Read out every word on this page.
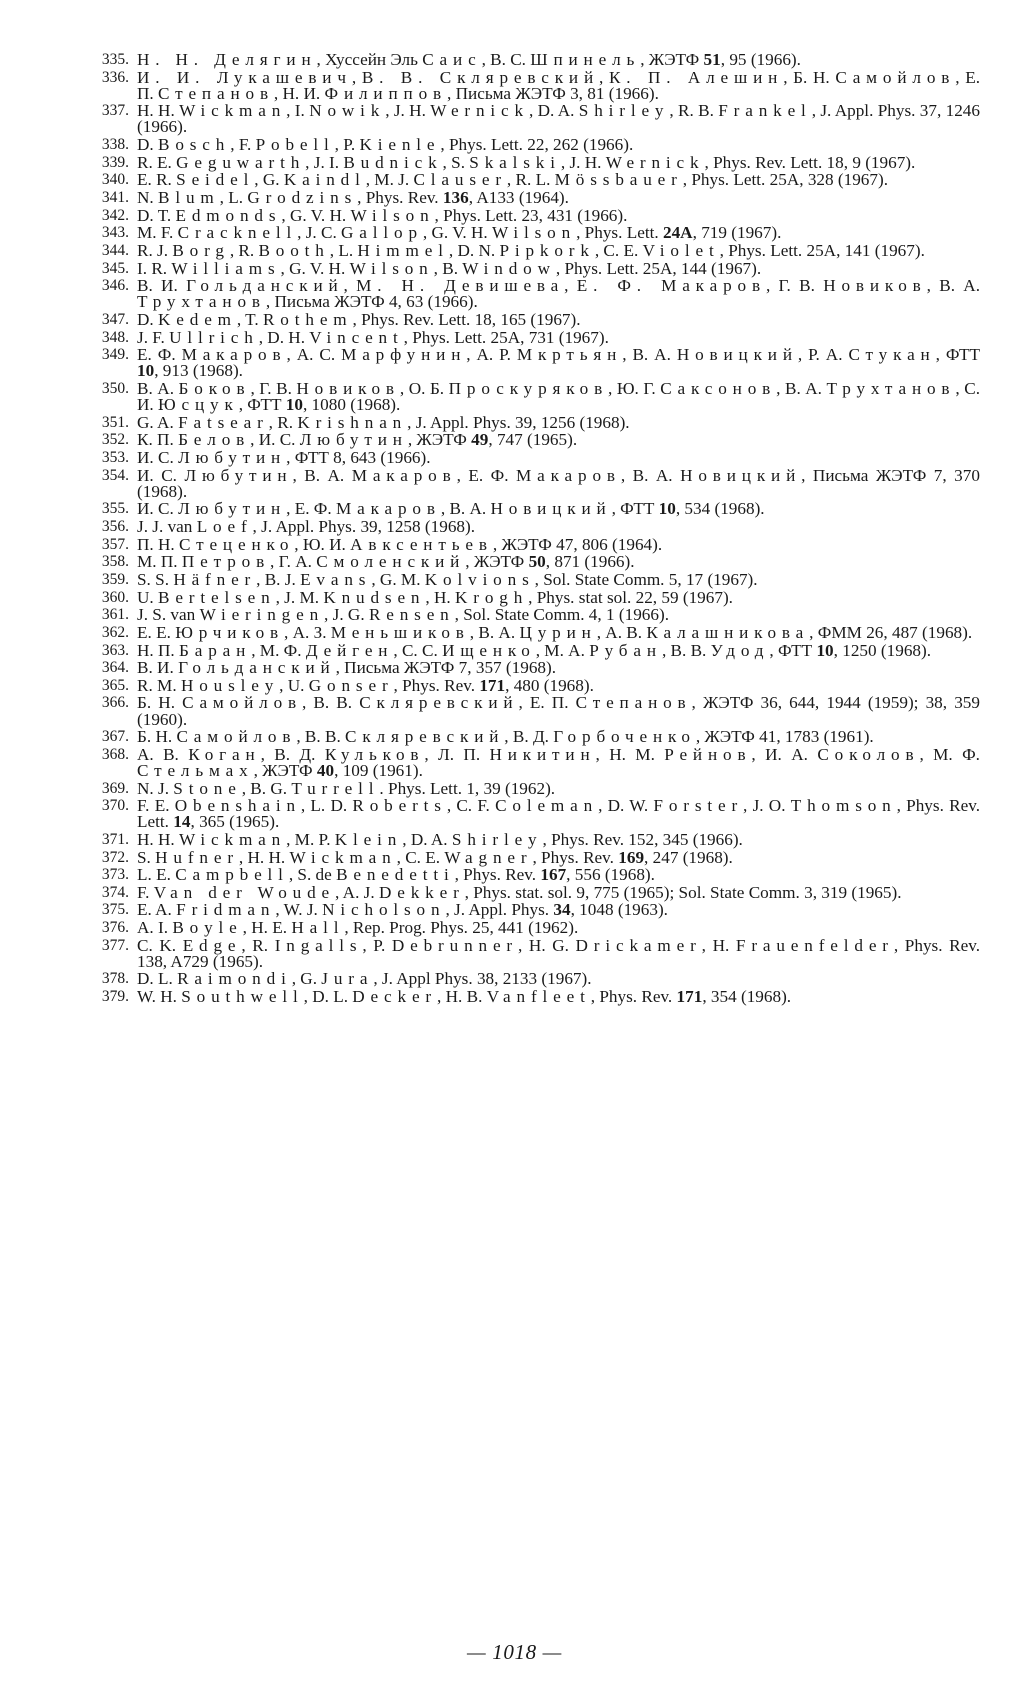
335. Н. Н. Делягин, Хуссейн Эль Саис, В. С. Шпинель, ЖЭТФ 51, 95 (1966).
336. И. И. Лукашевич, В. В. Скляревский, К. П. Алешин, Б. Н. Самойлов, Е. П. Степанов, Н. И. Филиппов, Письма ЖЭТФ 3, 81 (1966).
337. Н. Н. Wickman, I. Nowik, J. H. Wernick, D. A. Shirley, R. B. Frankel, J. Appl. Phys. 37, 1246 (1966).
338. D. Bosch, F. Pobell, P. Kienle, Phys. Lett. 22, 262 (1966).
339. R. E. Geguwarth, J. I. Budnick, S. Skalski, J. H. Wernick, Phys. Rev. Lett. 18, 9 (1967).
340. E. R. Seidel, G. Kaindl, M. J. Clauser, R. L. Mössbauer, Phys. Lett. 25A, 328 (1967).
341. N. Blum, L. Grodzins, Phys. Rev. 136, A133 (1964).
342. D. T. Edmonds, G. V. H. Wilson, Phys. Lett. 23, 431 (1966).
343. M. F. Cracknell, J. C. Gallop, G. V. H. Wilson, Phys. Lett. 24A, 719 (1967).
344. R. J. Borg, R. Booth, L. Himmel, D. N. Pipkork, C. E. Violet, Phys. Lett. 25A, 141 (1967).
345. I. R. Williams, G. V. H. Wilson, B. Window, Phys. Lett. 25A, 144 (1967).
346. В. И. Гольданский, М. Н. Девишева, Е. Ф. Макаров, Г. В. Новиков, В. А. Трухтанов, Письма ЖЭТФ 4, 63 (1966).
347. D. Kedem, T. Rothem, Phys. Rev. Lett. 18, 165 (1967).
348. J. F. Ullrich, D. H. Vincent, Phys. Lett. 25A, 731 (1967).
349. Е. Ф. Макаров, А. С. Марфунин, А. Р. Мкртьян, В. А. Новицкий, Р. А. Стукан, ФТТ 10, 913 (1968).
350. В. А. Боков, Г. В. Новиков, О. Б. Проскуряков, Ю. Г. Саксонов, В. А. Трухтанов, С. И. Юсцук, ФТТ 10, 1080 (1968).
351. G. A. Fatsear, R. Krishnan, J. Appl. Phys. 39, 1256 (1968).
352. К. П. Белов, И. С. Любутин, ЖЭТФ 49, 747 (1965).
353. И. С. Любутин, ФТТ 8, 643 (1966).
354. И. С. Любутин, В. А. Макаров, Е. Ф. Макаров, В. А. Новицкий, Письма ЖЭТФ 7, 370 (1968).
355. И. С. Любутин, Е. Ф. Макаров, В. А. Новицкий, ФТТ 10, 534 (1968).
356. J. J. van Loef, J. Appl. Phys. 39, 1258 (1968).
357. П. Н. Стеценко, Ю. И. Авксентьев, ЖЭТФ 47, 806 (1964).
358. М. П. Петров, Г. А. Смоленский, ЖЭТФ 50, 871 (1966).
359. S. S. Häfner, B. J. Evans, G. M. Kolvions, Sol. State Comm. 5, 17 (1967).
360. U. Bertelsen, J. M. Knudsen, H. Krogh, Phys. stat sol. 22, 59 (1967).
361. J. S. van Wieringen, J. G. Rensen, Sol. State Comm. 4, 1 (1966).
362. Е. Е. Юрчиков, А. З. Меньшиков, В. А. Цурин, А. В. Калашникова, ФММ 26, 487 (1968).
363. Н. П. Баран, М. Ф. Дейген, С. С. Ищенко, М. А. Рубан, В. В. Удод, ФТТ 10, 1250 (1968).
364. В. И. Гольданский, Письма ЖЭТФ 7, 357 (1968).
365. R. M. Housley, U. Gonser, Phys. Rev. 171, 480 (1968).
366. Б. Н. Самойлов, В. В. Скляревский, Е. П. Степанов, ЖЭТФ 36, 644, 1944 (1959); 38, 359 (1960).
367. Б. Н. Самойлов, В. В. Скляревский, В. Д. Горбоченко, ЖЭТФ 41, 1783 (1961).
368. А. В. Коган, В. Д. Кульков, Л. П. Никитин, Н. М. Рейнов, И. А. Соколов, М. Ф. Стельмах, ЖЭТФ 40, 109 (1961).
369. N. J. Stone, B. G. Turrell. Phys. Lett. 1, 39 (1962).
370. F. E. Obenshain, L. D. Roberts, C. F. Coleman, D. W. Forster, J. O. Thomson, Phys. Rev. Lett. 14, 365 (1965).
371. H. H. Wickman, M. P. Klein, D. A. Shirley, Phys. Rev. 152, 345 (1966).
372. S. Hufner, H. H. Wickman, C. E. Wagner, Phys. Rev. 169, 247 (1968).
373. L. E. Campbell, S. de Benedetti, Phys. Rev. 167, 556 (1968).
374. F. Van der Woude, A. J. Dekker, Phys. stat. sol. 9, 775 (1965); Sol. State Comm. 3, 319 (1965).
375. E. A. Fridman, W. J. Nicholson, J. Appl. Phys. 34, 1048 (1963).
376. A. I. Boyle, H. E. Hall, Rep. Prog. Phys. 25, 441 (1962).
377. C. K. Edge, R. Ingalls, P. Debrunner, H. G. Drickamer, H. Frauenfelder, Phys. Rev. 138, A729 (1965).
378. D. L. Raimondi, G. Jura, J. Appl Phys. 38, 2133 (1967).
379. W. H. Southwell, D. L. Decker, H. B. Vanfleet, Phys. Rev. 171, 354 (1968).
— 1018 —
